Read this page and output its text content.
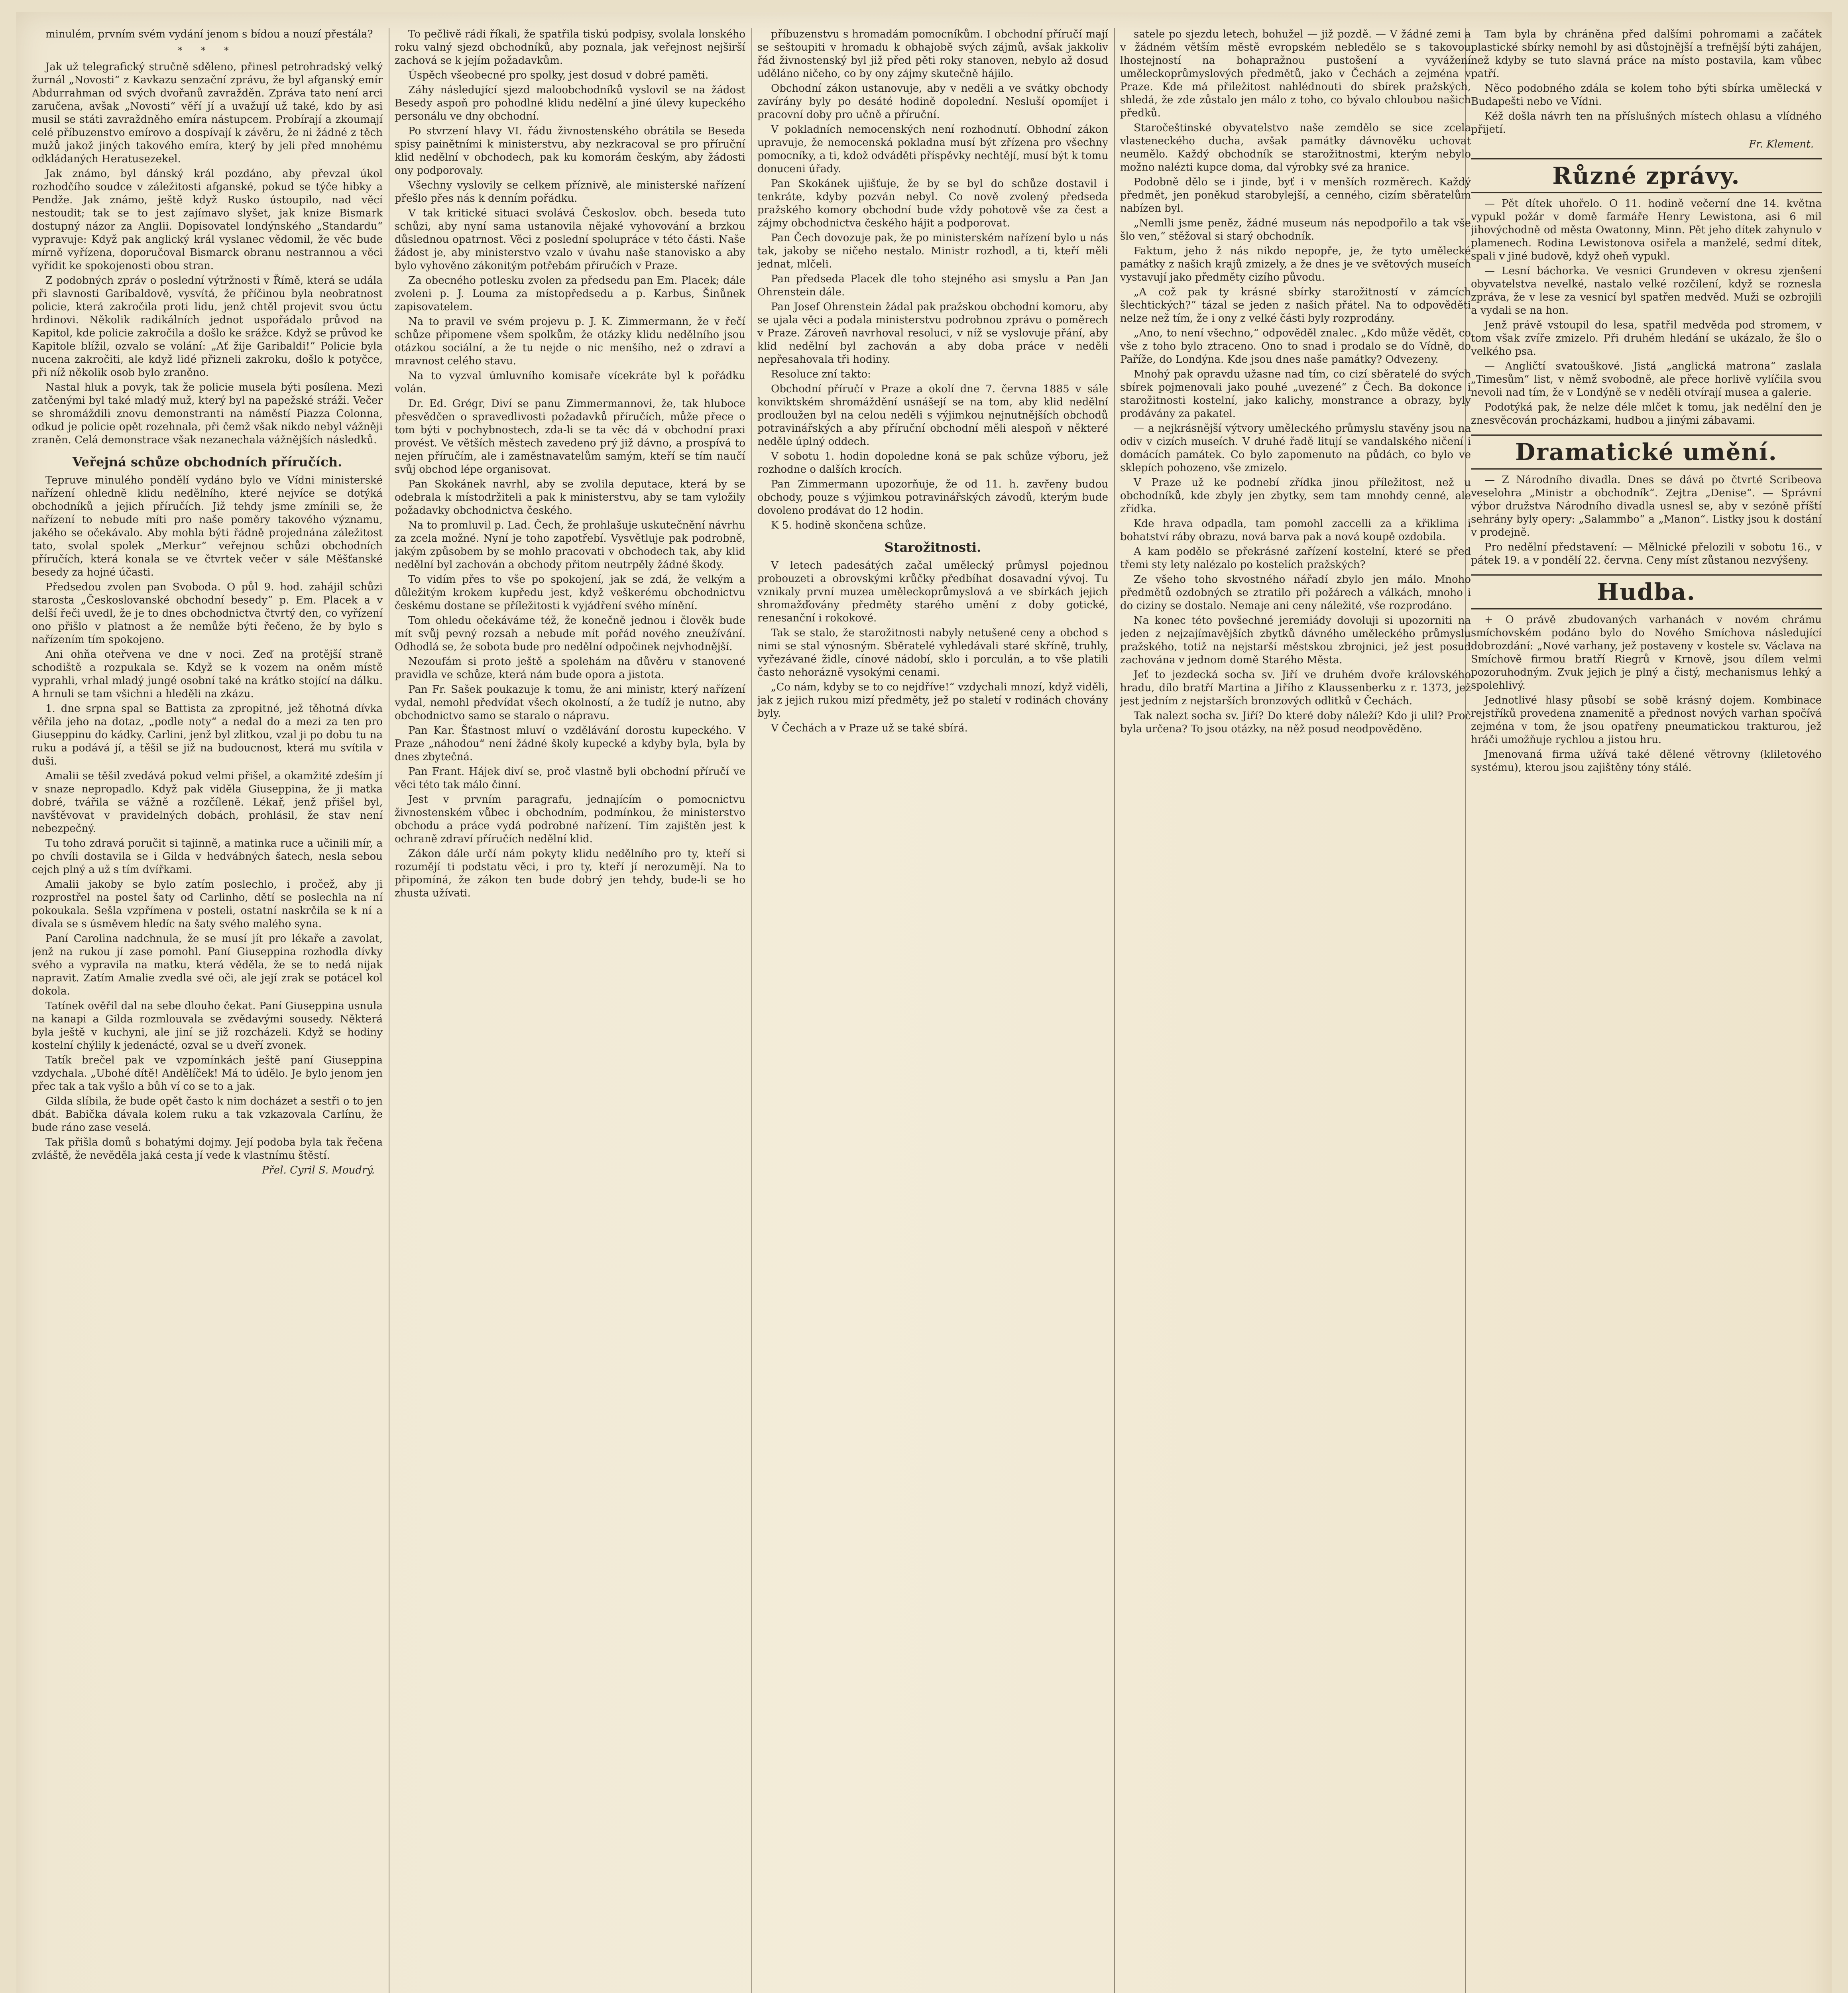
minulém, prvním svém vydání jenom s bídou a nouzí přestála?

* * *

Jak už telegrafický stručně sděleno, přinesl petrohradský velký žurnál „Novosti“ z Kavkazu senzační zprávu, že byl afganský emír Abdurrahman od svých dvořanů zavražděn. Zpráva tato není arci zaručena, avšak „Novosti“ věří jí a uvažují už také, kdo by asi musil se státi zavraždněho emíra nástupcem. Probírají a zkoumají celé příbuzenstvo emírovo a dospívají k závěru, že ni žádné z těch mužů jakož jiných takového emíra, který by jeli před mnohému odkládaných Heratusezekel.

Jak známo, byl dánský král pozdáno, aby převzal úkol rozhodčího soudce v záležitosti afganské, pokud se týče hibky a Pendže. Jak známo, ještě když Rusko ústoupilo, nad věcí nestoudit; tak se to jest zajímavo slyšet, jak knize Bismark dostupný názor za Anglii. Dopisovatel londýnského „Standardu“ vypravuje: Když pak anglický král vyslanec vědomil, že věc bude mírně vyřízena, doporučoval Bismarck obranu nestrannou a věci vyřídit ke spokojenosti obou stran.

Z podobných zpráv o poslední výtržnosti v Římě, která se udála při slavnosti Garibaldově, vysvítá, že příčinou byla neobratnost policie, která zakročila proti lidu, jenž chtěl projevit svou úctu hrdinovi. Několik radikálních jednot uspořádalo průvod na Kapitol, kde policie zakročila a došlo ke srážce. Když se průvod ke Kapitole blížil, ozvalo se volání: „Ať žije Garibaldi!“ Policie byla nucena zakročiti, ale když lidé přizneli zakroku, došlo k potyčce, při níž několik osob bylo zraněno.

Nastal hluk a povyk, tak že policie musela býti posílena. Mezi zatčenými byl také mladý muž, který byl na papežské stráži. Večer se shromáždili znovu demonstranti na náměstí Piazza Colonna, odkud je policie opět rozehnala, při čemž však nikdo nebyl vážněji zraněn. Celá demonstrace však nezanechala vážnějších následků.

Veřejná schůze obchodních příručích.

Tepruve minulého pondělí vydáno bylo ve Vídni ministerské nařízení ohledně klidu nedělního, které nejvíce se dotýká obchodníků a jejich příručích. Již tehdy jsme zmínili se, že nařízení to nebude míti pro naše poměry takového významu, jakého se očekávalo. Aby mohla býti řádně projednána záležitost tato, svolal spolek „Merkur“ veřejnou schůzi obchodních příručích, která konala se ve čtvrtek večer v sále Měšťanské besedy za hojné účasti.

Předsedou zvolen pan Svoboda. O půl 9. hod. zahájil schůzi starosta „Českoslovanské obchodní besedy“ p. Em. Placek a v delší řeči uvedl, že je to dnes obchodnictva čtvrtý den, co vyřízení ono přišlo v platnost a že nemůže býti řečeno, že by bylo s nařízením tím spokojeno.

Ani ohňa oteřvena ve dne v noci. Zeď na protější straně schodiště a rozpukala se. Když se k vozem na oněm místě vyprahli, vrhal mladý jungé osobní také na krátko stojící na dálku. A hrnuli se tam všichni a hleděli na zkázu.

1. dne srpna spal se Battista za zpropitné, jež těhotná dívka věřila jeho na dotaz, „podle noty“ a nedal do a mezi za ten pro Giuseppinu do kádky. Carlini, jenž byl zlitkou, vzal ji po dobu tu na ruku a podává jí, a těšil se již na budoucnost, která mu svítila v duši.

Amalii se těšil zvedává pokud velmi přišel, a okamžité zdeším jí v snaze nepropadlo. Když pak viděla Giuseppina, že ji matka dobré, tvářila se vážně a rozčíleně. Lékař, jenž přišel byl, navštěvovat v pravidelných dobách, prohlásil, že stav není nebezpečný.

Tu toho zdravá poručit si tajinně, a matinka ruce a učinili mír, a po chvíli dostavila se i Gilda v hedvábných šatech, nesla sebou cejch plný a už s tím dvířkami.

Amalii jakoby se bylo zatím poslechlo, i pročež, aby ji rozprostřel na postel šaty od Carlinho, dětí se poslechla na ní pokoukala. Sešla vzpřímena v posteli, ostatní naskrčila se k ní a dívala se s úsměvem hledíc na šaty svého malého syna.

Paní Carolina nadchnula, že se musí jít pro lékaře a zavolat, jenž na rukou jí zase pomohl. Paní Giuseppina rozhodla dívky svého a vypravila na matku, která věděla, že se to nedá nijak napravit. Zatím Amalie zvedla své oči, ale její zrak se potácel kol dokola.

Tatínek ověřil dal na sebe dlouho čekat. Paní Giuseppina usnula na kanapi a Gilda rozmlouvala se zvědavými sousedy. Některá byla ještě v kuchyni, ale jiní se již rozcházeli. Když se hodiny kostelní chýlily k jedenácté, ozval se u dveří zvonek.

Tatík brečel pak ve vzpomínkách ještě paní Giuseppina vzdychala. „Ubohé dítě! Andělíček! Má to údělo. Je bylo jenom jen přec tak a tak vyšlo a bůh ví co se to a jak.

Gilda slíbila, že bude opět často k nim docházet a sestři o to jen dbát. Babička dávala kolem ruku a tak vzkazovala Carlínu, že bude ráno zase veselá.

Tak přišla domů s bohatými dojmy. Její podoba byla tak řečena zvláště, že nevěděla jaká cesta jí vede k vlastnímu štěstí.

Přel. Cyril S. Moudrý.

To pečlivě rádi říkali, že spatřila tiskú podpisy, svolala lonského roku valný sjezd obchodníků, aby poznala, jak veřejnost nejširší zachová se k jejím požadavkům.

Úspěch všeobecné pro spolky, jest dosud v dobré paměti.

Záhy následující sjezd maloobchodníků vyslovil se na žádost Besedy aspoň pro pohodlné klidu nedělní a jiné úlevy kupeckého personálu ve dny obchodní.

Po stvrzení hlavy VI. řádu živnostenského obrátila se Beseda spisy painětními k ministerstvu, aby nezkracoval se pro příruční klid nedělní v obchodech, pak ku komorám českým, aby žádosti ony podporovaly.

Všechny vyslovily se celkem příznivě, ale ministerské nařízení přešlo přes nás k denním pořádku.

V tak kritické situaci svolává Českoslov. obch. beseda tuto schůzi, aby nyní sama ustanovila nějaké vyhovování a brzkou důslednou opatrnost. Věci z poslední spolupráce v této části. Naše žádost je, aby ministerstvo vzalo v úvahu naše stanovisko a aby bylo vyhověno zákonitým potřebám příručích v Praze.

Za obecného potlesku zvolen za předsedu pan Em. Placek; dále zvoleni p. J. Louma za místopředsedu a p. Karbus, Šinůnek zapisovatelem.

Na to pravil ve svém projevu p. J. K. Zimmermann, že v řečí schůze připomene všem spolkům, že otázky klidu nedělního jsou otázkou sociální, a že tu nejde o nic menšího, než o zdraví a mravnost celého stavu.

Na to vyzval úmluvního komisaře vícekráte byl k pořádku volán.

Dr. Ed. Grégr, Diví se panu Zimmermannovi, že, tak hluboce přesvědčen o spravedlivosti požadavků příručích, může přece o tom býti v pochybnostech, zda-li se ta věc dá v obchodní praxi provést. Ve větších městech zavedeno prý již dávno, a prospívá to nejen příručím, ale i zaměstnavatelům samým, kteří se tím naučí svůj obchod lépe organisovat.

Pan Skokánek navrhl, aby se zvolila deputace, která by se odebrala k místodržiteli a pak k ministerstvu, aby se tam vyložily požadavky obchodnictva českého.

Na to promluvil p. Lad. Čech, že prohlašuje uskutečnění návrhu za zcela možné. Nyní je toho zapotřebí. Vysvětluje pak podrobně, jakým způsobem by se mohlo pracovati v obchodech tak, aby klid nedělní byl zachován a obchody přitom neutrpěly žádné škody.

To vidím přes to vše po spokojení, jak se zdá, že velkým a důležitým krokem kupředu jest, když veškerému obchodnictvu českému dostane se příležitosti k vyjádření svého mínění.

Tom ohledu očekáváme též, že konečně jednou i člověk bude mít svůj pevný rozsah a nebude mít pořád nového zneužívání. Odhodlá se, že sobota bude pro nedělní odpočinek nejvhodnější.

Nezoufám si proto ještě a spolehám na důvěru v stanovené pravidla ve schůze, která nám bude opora a jistota.

Pan Fr. Sašek poukazuje k tomu, že ani ministr, který nařízení vydal, nemohl předvídat všech okolností, a že tudíž je nutno, aby obchodnictvo samo se staralo o nápravu.

Pan Kar. Šťastnost mluví o vzdělávání dorostu kupeckého. V Praze „náhodou“ není žádné školy kupecké a kdyby byla, byla by dnes zbytečná.

Pan Frant. Hájek diví se, proč vlastně byli obchodní příručí ve věci této tak málo činní.

Jest v prvním paragrafu, jednajícím o pomocnictvu živnostenském vůbec i obchodním, podmínkou, že ministerstvo obchodu a práce vydá podrobné nařízení. Tím zajištěn jest k ochraně zdraví příručích nedělní klid.

Zákon dále určí nám pokyty klidu nedělního pro ty, kteří si rozumějí ti podstatu věci, i pro ty, kteří jí nerozumějí. Na to připomíná, že zákon ten bude dobrý jen tehdy, bude-li se ho zhusta užívati.

příbuzenstvu s hromadám pomocníkům. I obchodní příručí mají se seštoupiti v hromadu k obhajobě svých zájmů, avšak jakkoliv řád živnostenský byl již před pěti roky stanoven, nebylo až dosud uděláno ničeho, co by ony zájmy skutečně hájilo.

Obchodní zákon ustanovuje, aby v neděli a ve svátky obchody zavírány byly po desáté hodině dopolední. Nesluší opomíjet i pracovní doby pro učně a příruční.

V pokladních nemocenských není rozhodnutí. Obhodní zákon upravuje, že nemocenská pokladna musí být zřízena pro všechny pomocníky, a ti, kdož odváděti příspěvky nechtějí, musí být k tomu donuceni úřady.

Pan Skokánek ujišťuje, že by se byl do schůze dostavil i tenkráte, kdyby pozván nebyl. Co nově zvolený předseda pražského komory obchodní bude vždy pohotově vše za čest a zájmy obchodnictva českého hájit a podporovat.

Pan Čech dovozuje pak, že po ministerském nařízení bylo u nás tak, jakoby se ničeho nestalo. Ministr rozhodl, a ti, kteří měli jednat, mlčeli.

Pan předseda Placek dle toho stejného asi smyslu a Pan Jan Ohrenstein dále.

Pan Josef Ohrenstein žádal pak pražskou obchodní komoru, aby se ujala věci a podala ministerstvu podrobnou zprávu o poměrech v Praze. Zároveň navrhoval resoluci, v níž se vyslovuje přání, aby klid nedělní byl zachován a aby doba práce v neděli nepřesahovala tři hodiny.

Resoluce zní takto:

Obchodní příručí v Praze a okolí dne 7. června 1885 v sále konviktském shromáždění usnášejí se na tom, aby klid nedělní prodloužen byl na celou neděli s výjimkou nejnutnějších obchodů potravinářských a aby příruční obchodní měli alespoň v některé neděle úplný oddech.

V sobotu 1. hodin dopoledne koná se pak schůze výboru, jež rozhodne o dalších krocích.

Pan Zimmermann upozorňuje, že od 11. h. zavřeny budou obchody, pouze s výjimkou potravinářských závodů, kterým bude dovoleno prodávat do 12 hodin.

K 5. hodině skončena schůze.

Starožitnosti.

V letech padesátých začal umělecký průmysl pojednou probouzeti a obrovskými krůčky předbíhat dosavadní vývoj. Tu vznikaly první muzea uměleckoprůmyslová a ve sbírkách jejich shromažďovány předměty starého umění z doby gotické, renesanční i rokokové.

Tak se stalo, že starožitnosti nabyly netušené ceny a obchod s nimi se stal výnosným. Sběratelé vyhledávali staré skříně, truhly, vyřezávané židle, cínové nádobí, sklo i porculán, a to vše platili často nehorázně vysokými cenami.

„Co nám, kdyby se to co nejdříve!“ vzdychali mnozí, když viděli, jak z jejich rukou mizí předměty, jež po staletí v rodinách chovány byly.

V Čechách a v Praze už se také sbírá.

satele po sjezdu letech, bohužel — již pozdě. — V žádné zemi a v žádném větším městě evropském nebledělo se s takovou lhostejností na bohapražnou pustošení a vyvážení uměleckoprůmyslových předmětů, jako v Čechách a zejména v Praze. Kde má přiležitost nahlédnouti do sbírek pražských, shledá, že zde zůstalo jen málo z toho, co bývalo chloubou našich předků.

Staročeštinské obyvatelstvo naše zemdělo se sice zcela vlasteneckého ducha, avšak památky dávnověku uchovat neumělo. Každý obchodník se starožitnostmi, kterým nebylo možno nalézti kupce doma, dal výrobky své za hranice.

Podobně dělo se i jinde, byť i v menších rozměrech. Každý předmět, jen poněkud starobylejší, a cenného, cizím sběratelům nabízen byl.

„Nemlli jsme peněz, žádné museum nás nepodpořilo a tak vše šlo ven,“ stěžoval si starý obchodník.

Faktum, jeho ž nás nikdo nepopře, je, že tyto umělecké památky z našich krajů zmizely, a že dnes je ve světových museích vystavují jako předměty cizího původu.

„A což pak ty krásné sbírky starožitností v zámcích šlechtických?“ tázal se jeden z našich přátel. Na to odpověděti nelze než tím, že i ony z velké části byly rozprodány.

„Ano, to není všechno,“ odpověděl znalec. „Kdo může vědět, co vše z toho bylo ztraceno. Ono to snad i prodalo se do Vídně, do Paříže, do Londýna. Kde jsou dnes naše památky? Odvezeny.

Mnohý pak opravdu užasne nad tím, co cizí sběratelé do svých sbírek pojmenovali jako pouhé „uvezené“ z Čech. Ba dokonce i starožitnosti kostelní, jako kalichy, monstrance a obrazy, byly prodávány za pakatel.

— a nejkrásnější výtvory uměleckého průmyslu stavěny jsou na odiv v cizích museích. V druhé řadě litují se vandalského ničení i domácích památek. Co bylo zapomenuto na půdách, co bylo ve sklepích pohozeno, vše zmizelo.

V Praze už ke podnebí zřídka jinou příležitost, než u obchodníků, kde zbyly jen zbytky, sem tam mnohdy cenné, ale zřídka.

Kde hrava odpadla, tam pomohl zaccelli za a křiklima i bohatství ráby obrazu, nová barva pak a nová koupě ozdobila.

A kam podělo se překrásné zařízení kostelní, které se před třemi sty lety nalézalo po kostelích pražských?

Ze všeho toho skvostného nářadí zbylo jen málo. Mnoho předmětů ozdobných se ztratilo při požárech a válkách, mnoho i do ciziny se dostalo. Nemaje ani ceny náležité, vše rozprodáno.

Na konec této povšechné jeremiády dovoluji si upozorniti na jeden z nejzajímavějších zbytků dávného uměleckého průmyslu pražského, totiž na nejstarší městskou zbrojnici, jež jest posud zachována v jednom domě Starého Města.

Jeť to jezdecká socha sv. Jiří ve druhém dvoře královského hradu, dílo bratří Martina a Jiřího z Klaussenberku z r. 1373, jež jest jedním z nejstarších bronzových odlitků v Čechách.

Tak nalezt socha sv. Jiří? Do které doby náleží? Kdo ji ulil? Proč byla určena? To jsou otázky, na něž posud neodpověděno.

Tam byla by chráněna před dalšími pohromami a začátek plastické sbírky nemohl by asi důstojnější a trefnější býti zahájen, než kdyby se tuto slavná práce na místo postavila, kam vůbec patří.

Něco podobného zdála se kolem toho býti sbírka umělecká v Budapešti nebo ve Vídni.

Kéž došla návrh ten na příslušných místech ohlasu a vlídného přijetí.

Fr. Klement.
Různé zprávy.

— Pět dítek uhořelo. O 11. hodině večerní dne 14. května vypukl požár v domě farmáře Henry Lewistona, asi 6 mil jihovýchodně od města Owatonny, Minn. Pět jeho dítek zahynulo v plamenech. Rodina Lewistonova osiřela a manželé, sedmí dítek, spali v jiné budově, když oheň vypukl.

— Lesní báchorka. Ve vesnici Grundeven v okresu zjenšení obyvatelstva nevelké, nastalo velké rozčilení, když se roznesla zpráva, že v lese za vesnicí byl spatřen medvěd. Muži se ozbrojili a vydali se na hon.

Jenž právě vstoupil do lesa, spatřil medvěda pod stromem, v tom však zvíře zmizelo. Při druhém hledání se ukázalo, že šlo o velkého psa.

— Angličtí svatouškové. Jistá „anglická matrona“ zaslala „Timesům“ list, v němž svobodně, ale přece horlivě vylíčila svou nevoli nad tím, že v Londýně se v neděli otvírají musea a galerie.

Podotýká pak, že nelze déle mlčet k tomu, jak nedělní den je znesvěcován procházkami, hudbou a jinými zábavami.

Dramatické umění.

— Z Národního divadla. Dnes se dává po čtvrté Scribeova veselohra „Ministr a obchodník“. Zejtra „Denise“. — Správní výbor družstva Národního divadla usnesl se, aby v sezóně příští sehrány byly opery: „Salammbo“ a „Manon“. Listky jsou k dostání v prodejně.

Pro nedělní představení: — Mělnické přelozili v sobotu 16., v pátek 19. a v pondělí 22. června. Ceny míst zůstanou nezvýšeny.

Hudba.

+ O právě zbudovaných varhanách v novém chrámu smíchovském podáno bylo do Nového Smíchova následující dobrozdání: „Nové varhany, jež postaveny v kostele sv. Václava na Smíchově firmou bratří Riegrů v Krnově, jsou dílem velmi pozoruhodným. Zvuk jejich je plný a čistý, mechanismus lehký a spolehlivý.

Jednotlivé hlasy působí se sobě krásný dojem. Kombinace rejstříků provedena znamenitě a přednost nových varhan spočívá zejména v tom, že jsou opatřeny pneumatickou trakturou, jež hráči umožňuje rychlou a jistou hru.

Jmenovaná firma užívá také dělené větrovny (kliletového systému), kterou jsou zajištěny tóny stálé.
